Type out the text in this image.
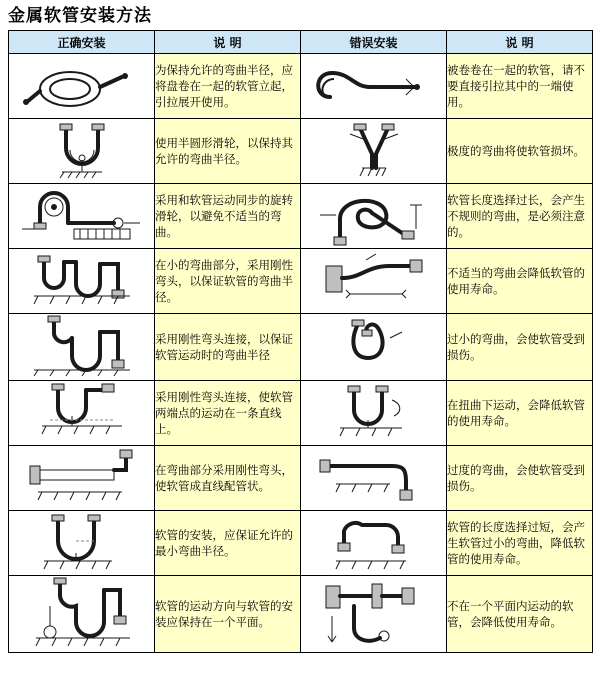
金属软管安装方法
正确安装	说 明	错误安装	说 明

	为保持允许的弯曲半径，应将盘卷在一起的软管立起，引拉展开使用。		被卷卷在一起的软管，请不要直接引拉其中的一端使用。

	使用半圆形滑轮，以保持其允许的弯曲半径。		极度的弯曲将使软管损坏。

	采用和软管运动同步的旋转滑轮，以避免不适当的弯曲。		软管长度选择过长，会产生不规则的弯曲，是必须注意的。

	在小的弯曲部分，采用刚性弯头，以保证软管的弯曲半径。		不适当的弯曲会降低软管的使用寿命。

	采用刚性弯头连接，以保证软管运动时的弯曲半径		过小的弯曲，会使软管受到损伤。

	采用刚性弯头连接，使软管两端点的运动在一条直线上。		在扭曲下运动，会降低软管的使用寿命。

	在弯曲部分采用刚性弯头，使软管成直线配管状。		过度的弯曲，会使软管受到损伤。

	软管的安装，应保证允许的最小弯曲半径。		软管的长度选择过短，会产生软管过小的弯曲，降低软管的使用寿命。

	软管的运动方向与软管的安装应保持在一个平面。		不在一个平面内运动的软管，会降低使用寿命。
